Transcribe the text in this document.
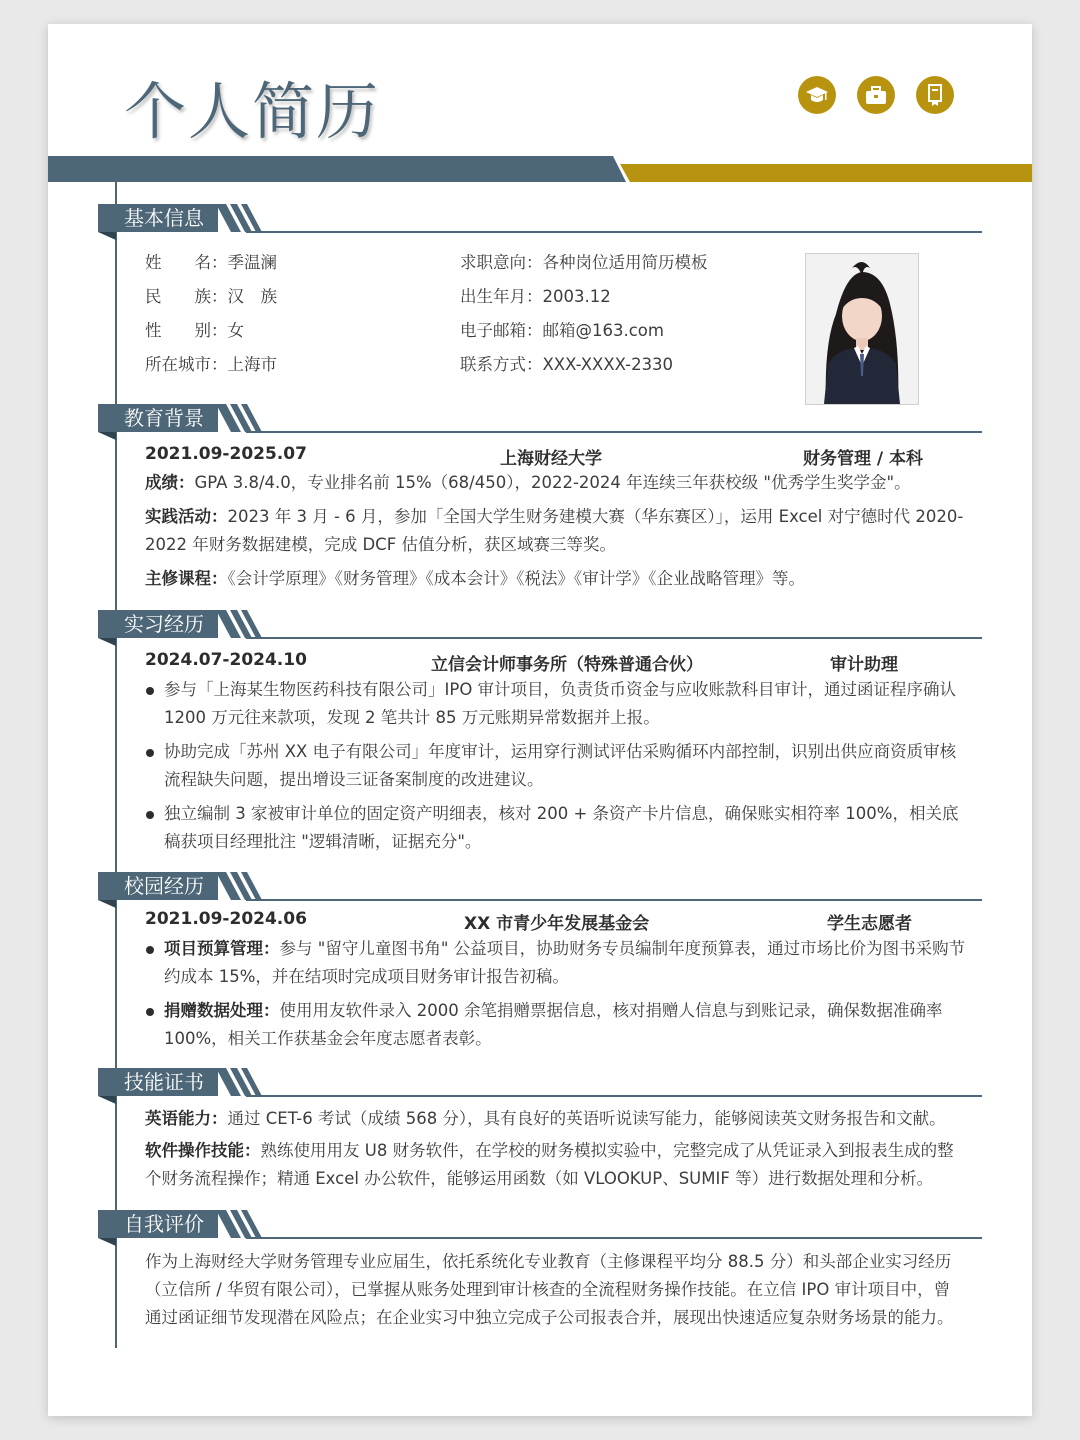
个人简历
基本信息
姓　　名：季温澜
民　　族：汉　族
性　　别：女
所在城市：上海市
求职意向：各种岗位适用简历模板
出生年月：2003.12
电子邮箱：邮箱@163.com
联系方式：XXX-XXXX-2330
教育背景
2021.09-2025.07	上海财经大学	财务管理 / 本科
成绩：GPA 3.8/4.0，专业排名前 15%（68/450），2022-2024 年连续三年获校级 "优秀学生奖学金"。
实践活动：2023 年 3 月 - 6 月，参加「全国大学生财务建模大赛（华东赛区）」，运用 Excel 对宁德时代 2020-2022 年财务数据建模，完成 DCF 估值分析，获区域赛三等奖。
主修课程：《会计学原理》《财务管理》《成本会计》《税法》《审计学》《企业战略管理》等。
实习经历
2024.07-2024.10	立信会计师事务所（特殊普通合伙）	审计助理
参与「上海某生物医药科技有限公司」IPO 审计项目，负责货币资金与应收账款科目审计，通过函证程序确认 1200 万元往来款项，发现 2 笔共计 85 万元账期异常数据并上报。
协助完成「苏州 XX 电子有限公司」年度审计，运用穿行测试评估采购循环内部控制，识别出供应商资质审核流程缺失问题，提出增设三证备案制度的改进建议。
独立编制 3 家被审计单位的固定资产明细表，核对 200 + 条资产卡片信息，确保账实相符率 100%，相关底稿获项目经理批注 "逻辑清晰，证据充分"。
校园经历
2021.09-2024.06	XX 市青少年发展基金会	学生志愿者
项目预算管理：参与 "留守儿童图书角" 公益项目，协助财务专员编制年度预算表，通过市场比价为图书采购节约成本 15%，并在结项时完成项目财务审计报告初稿。
捐赠数据处理：使用用友软件录入 2000 余笔捐赠票据信息，核对捐赠人信息与到账记录，确保数据准确率 100%，相关工作获基金会年度志愿者表彰。
技能证书
英语能力：通过 CET-6 考试（成绩 568 分），具有良好的英语听说读写能力，能够阅读英文财务报告和文献。
软件操作技能：熟练使用用友 U8 财务软件，在学校的财务模拟实验中，完整完成了从凭证录入到报表生成的整个财务流程操作；精通 Excel 办公软件，能够运用函数（如 VLOOKUP、SUMIF 等）进行数据处理和分析。
自我评价
作为上海财经大学财务管理专业应届生，依托系统化专业教育（主修课程平均分 88.5 分）和头部企业实习经历（立信所 / 华贸有限公司），已掌握从账务处理到审计核查的全流程财务操作技能。在立信 IPO 审计项目中，曾通过函证细节发现潜在风险点；在企业实习中独立完成子公司报表合并，展现出快速适应复杂财务场景的能力。
